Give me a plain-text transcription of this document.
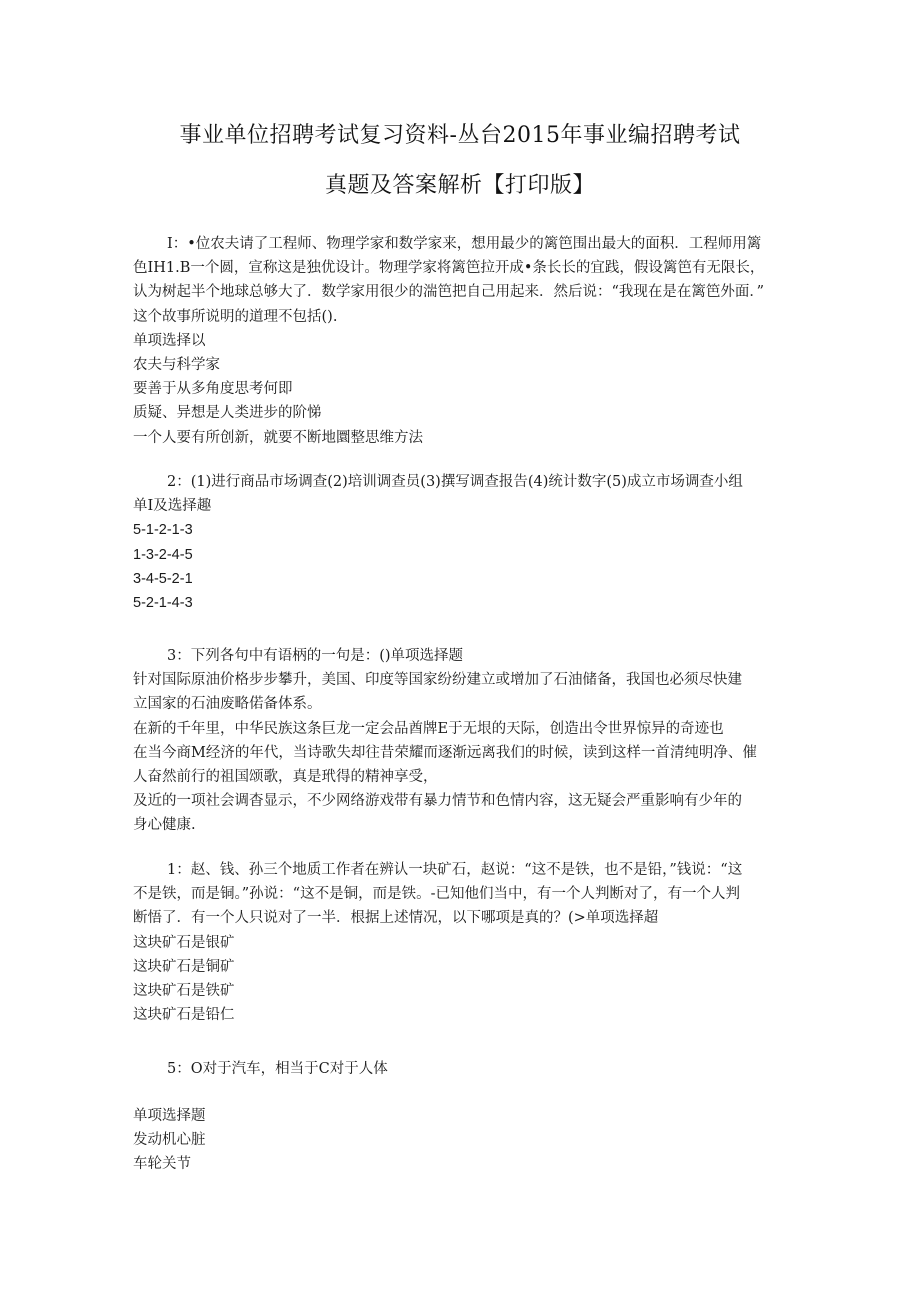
事业单位招聘考试复习资料-丛台2015年事业编招聘考试
真题及答案解析【打印版】

I：•位农夫请了工程师、物理学家和数学家来，想用最少的篱笆围出最大的面积．工程师用篱

色IH1.B一个圆，宣称这是独优设计。物理学家将篱笆拉开成•条长长的宜践，假设篱笆有无限长，

认为树起半个地球总够大了．数学家用很少的湍笆把自己用起来．然后说：“我现在是在篱笆外面．”

这个故事所说明的道理不包括().

单项选择以

农夫与科学家

要善于从多角度思考何即

质疑、异想是人类进步的阶悌

一个人要有所创新，就要不断地圜整思维方法

2：(1)进行商品市场调查(2)培训调查员(3)撰写调查报告(4)统计数字(5)成立市场调查小组

单I及选择趣

5-1-2-1-3

1-3-2-4-5

3-4-5-2-1

5-2-1-4-3

3：下列各句中有语柄的一句是：()单项选择题

针对国际原油价格步步攀升，美国、印度等国家纷纷建立或增加了石油储备，我国也必须尽快建

立国家的石油废略偌备体系。

在新的千年里，中华民族这条巨龙一定会品酋牌E于无垠的天际，创造出令世界惊异的奇迹也

在当今商M经济的年代，当诗歌失却往昔荣耀而逐渐远离我们的时候，读到这样一首清纯明净、催

人奋然前行的祖国颂歌，真是玳得的精神享受，

及近的一项社会调杳显示，不少网络游戏带有暴力情节和色情内容，这无疑会严重影响有少年的

身心健康.

1：赵、钱、孙三个地质工作者在辨认一块矿石，赵说：“这不是铁，也不是铅，”钱说：“这

不是铁，而是铜。”孙说：“这不是铜，而是铁。-已知他们当中，有一个人判断对了，有一个人判

断悟了．有一个人只说对了一半．根据上述情况，以下哪项是真的？(>单项选择超

这块矿石是银矿

这块矿石是铜矿

这块矿石是铁矿

这块矿石是铅仁

5：O对于汽车，相当于C对于人体

单项选择题

发动机心脏

车轮关节
